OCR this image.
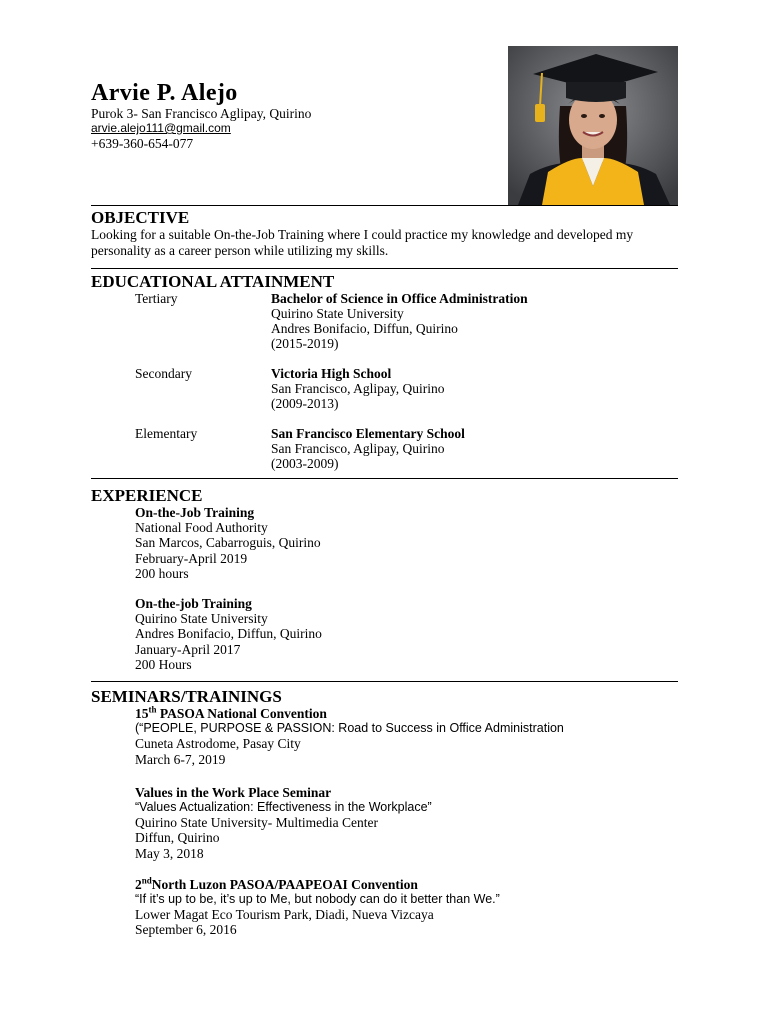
Arvie P. Alejo
Purok 3- San Francisco Aglipay, Quirino
arvie.alejo111@gmail.com
+639-360-654-077
OBJECTIVE
Looking for a suitable On-the-Job Training where I could practice my knowledge and developed my personality as a career person while utilizing my skills.
EDUCATIONAL ATTAINMENT
Tertiary	Bachelor of Science in Office Administration
Quirino State University
Andres Bonifacio, Diffun, Quirino
(2015-2019)
Secondary	Victoria High School
San Francisco, Aglipay, Quirino
(2009-2013)
Elementary	San Francisco Elementary School
San Francisco, Aglipay, Quirino
(2003-2009)
EXPERIENCE
On-the-Job Training
National Food Authority
San Marcos, Cabarroguis, Quirino
February-April 2019
200 hours
On-the-job Training
Quirino State University
Andres Bonifacio, Diffun, Quirino
January-April 2017
200 Hours
SEMINARS/TRAININGS
15th PASOA National Convention
(“PEOPLE, PURPOSE & PASSION: Road to Success in Office Administration
Cuneta Astrodome, Pasay City
March 6-7, 2019
Values in the Work Place Seminar
“Values Actualization: Effectiveness in the Workplace”
Quirino State University- Multimedia Center
Diffun, Quirino
May 3, 2018
2ndNorth Luzon PASOA/PAAPEOAI Convention
“If it’s up to be, it’s up to Me, but nobody can do it better than We.”
Lower Magat Eco Tourism Park, Diadi, Nueva Vizcaya
September 6, 2016
